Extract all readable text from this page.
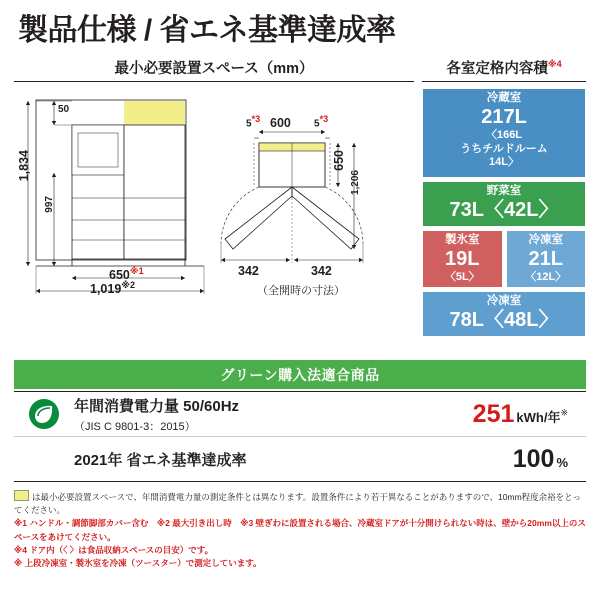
製品仕様 / 省エネ基準達成率
最小必要設置スペース（mm）	各室定格内容積$^{※4}$
50
1,834
997
650$^{※1}$
1,019$^{※2}$
5*3	5*3
600
650
1,206
342	342
（全開時の寸法）
冷蔵室
217L
〈166L
うちチルドルーム
14L〉
野菜室
73L〈42L〉
製氷室
19L
〈5L〉
冷凍室
21L
〈12L〉
冷凍室
78L〈48L〉
グリーン購入法適合商品
年間消費電力量 50/60Hz
（JIS C 9801-3：2015）	251 kWh/年※
2021年 省エネ基準達成率	100 %
は最小必要設置スペースで、年間消費電力量の測定条件とは異なります。設置条件により若干異なることがありますので、10mm程度余裕をとってください。
※1 ハンドル・調節脚部カバー含む　※2 最大引き出し時　※3 壁ぎわに設置される場合、冷蔵室ドアが十分開けられない時は、壁から20mm以上のスペースをあけてください。
※4 ドア内（〈 〉は食品収納スペースの目安）です。
※ 上段冷凍室・製氷室を冷凍（ツースター）で測定しています。
